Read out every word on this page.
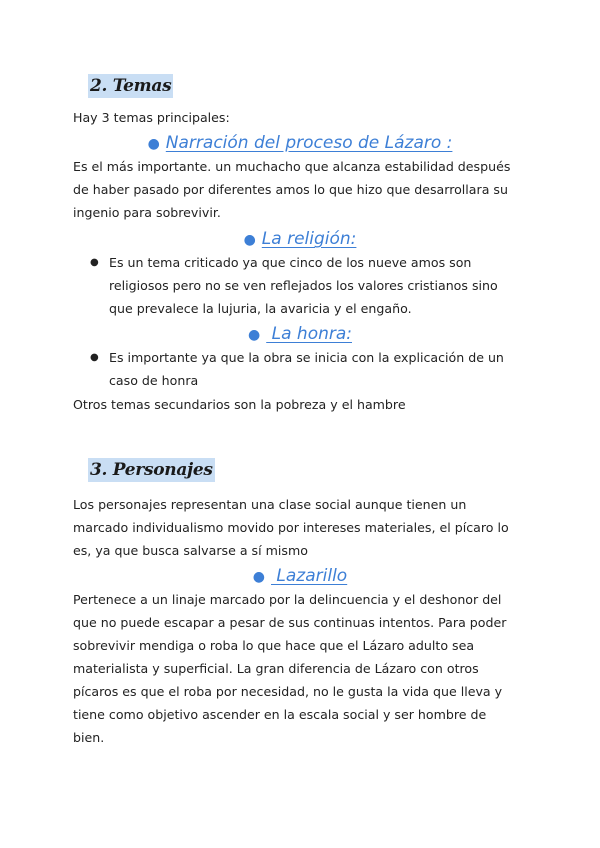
2. Temas

Hay 3 temas principales:

● Narración del proceso de Lázaro :

Es el más importante. un muchacho que alcanza estabilidad después

de haber pasado por diferentes amos lo que hizo que desarrollara su

ingenio para sobrevivir.

● La religión:
● Es un tema criticado ya que cinco de los nueve amos son

religiosos pero no se ven reflejados los valores cristianos sino

que prevalece la lujuria, la avaricia y el engaño.

● La honra:
● Es importante ya que la obra se inicia con la explicación de un

caso de honra

Otros temas secundarios son la pobreza y el hambre

3. Personajes

Los personajes representan una clase social aunque tienen un

marcado individualismo movido por intereses materiales, el pícaro lo

es, ya que busca salvarse a sí mismo

● Lazarillo

Pertenece a un linaje marcado por la delincuencia y el deshonor del

que no puede escapar a pesar de sus continuas intentos. Para poder

sobrevivir mendiga o roba lo que hace que el Lázaro adulto sea

materialista y superficial. La gran diferencia de Lázaro con otros

pícaros es que el roba por necesidad, no le gusta la vida que lleva y

tiene como objetivo ascender en la escala social y ser hombre de

bien.
